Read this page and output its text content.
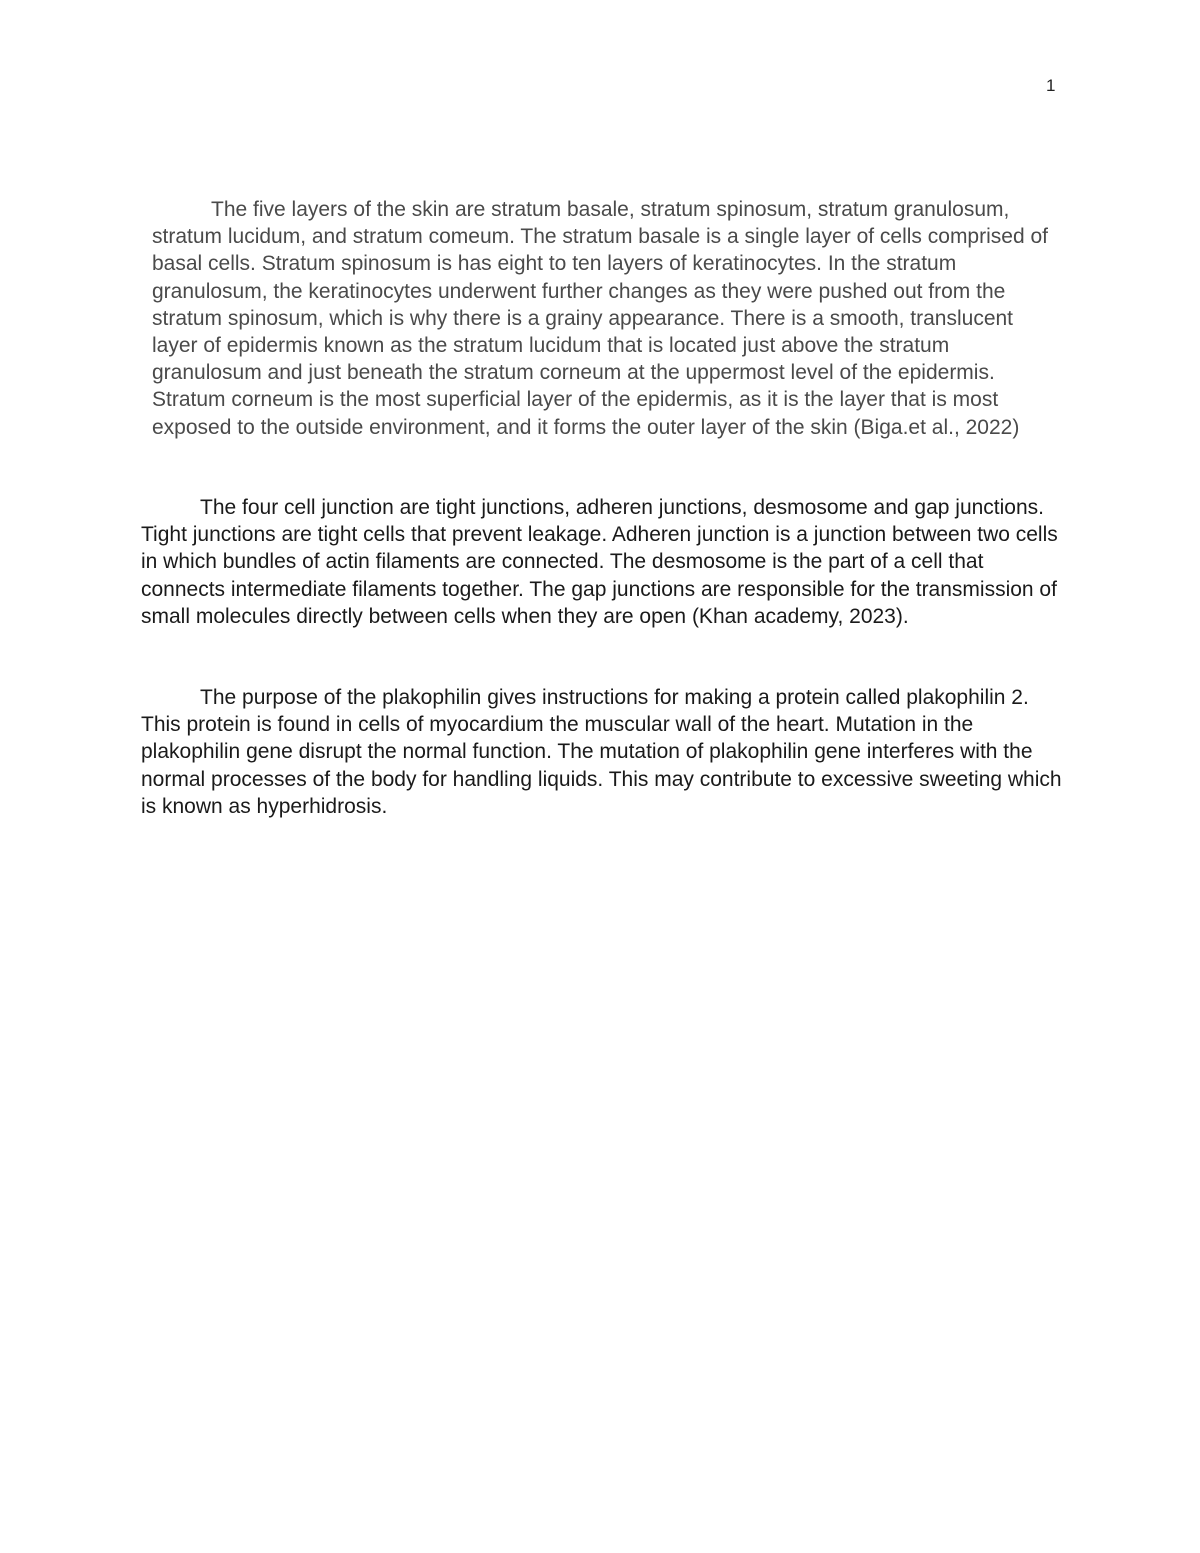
1

The five layers of the skin are stratum basale, stratum spinosum, stratum granulosum, stratum lucidum, and stratum comeum. The stratum basale is a single layer of cells comprised of basal cells. Stratum spinosum is has eight to ten layers of keratinocytes. In the stratum granulosum, the keratinocytes underwent further changes as they were pushed out from the stratum spinosum, which is why there is a grainy appearance. There is a smooth, translucent layer of epidermis known as the stratum lucidum that is located just above the stratum granulosum and just beneath the stratum corneum at the uppermost level of the epidermis. Stratum corneum is the most superficial layer of the epidermis, as it is the layer that is most exposed to the outside environment, and it forms the outer layer of the skin (Biga.et al., 2022)

The four cell junction are tight junctions, adheren junctions, desmosome and gap junctions. Tight junctions are tight cells that prevent leakage. Adheren junction is a junction between two cells in which bundles of actin filaments are connected. The desmosome is the part of a cell that connects intermediate filaments together. The gap junctions are responsible for the transmission of small molecules directly between cells when they are open (Khan academy, 2023).

The purpose of the plakophilin gives instructions for making a protein called plakophilin 2. This protein is found in cells of myocardium the muscular wall of the heart. Mutation in the plakophilin gene disrupt the normal function. The mutation of plakophilin gene interferes with the normal processes of the body for handling liquids. This may contribute to excessive sweeting which is known as hyperhidrosis.
